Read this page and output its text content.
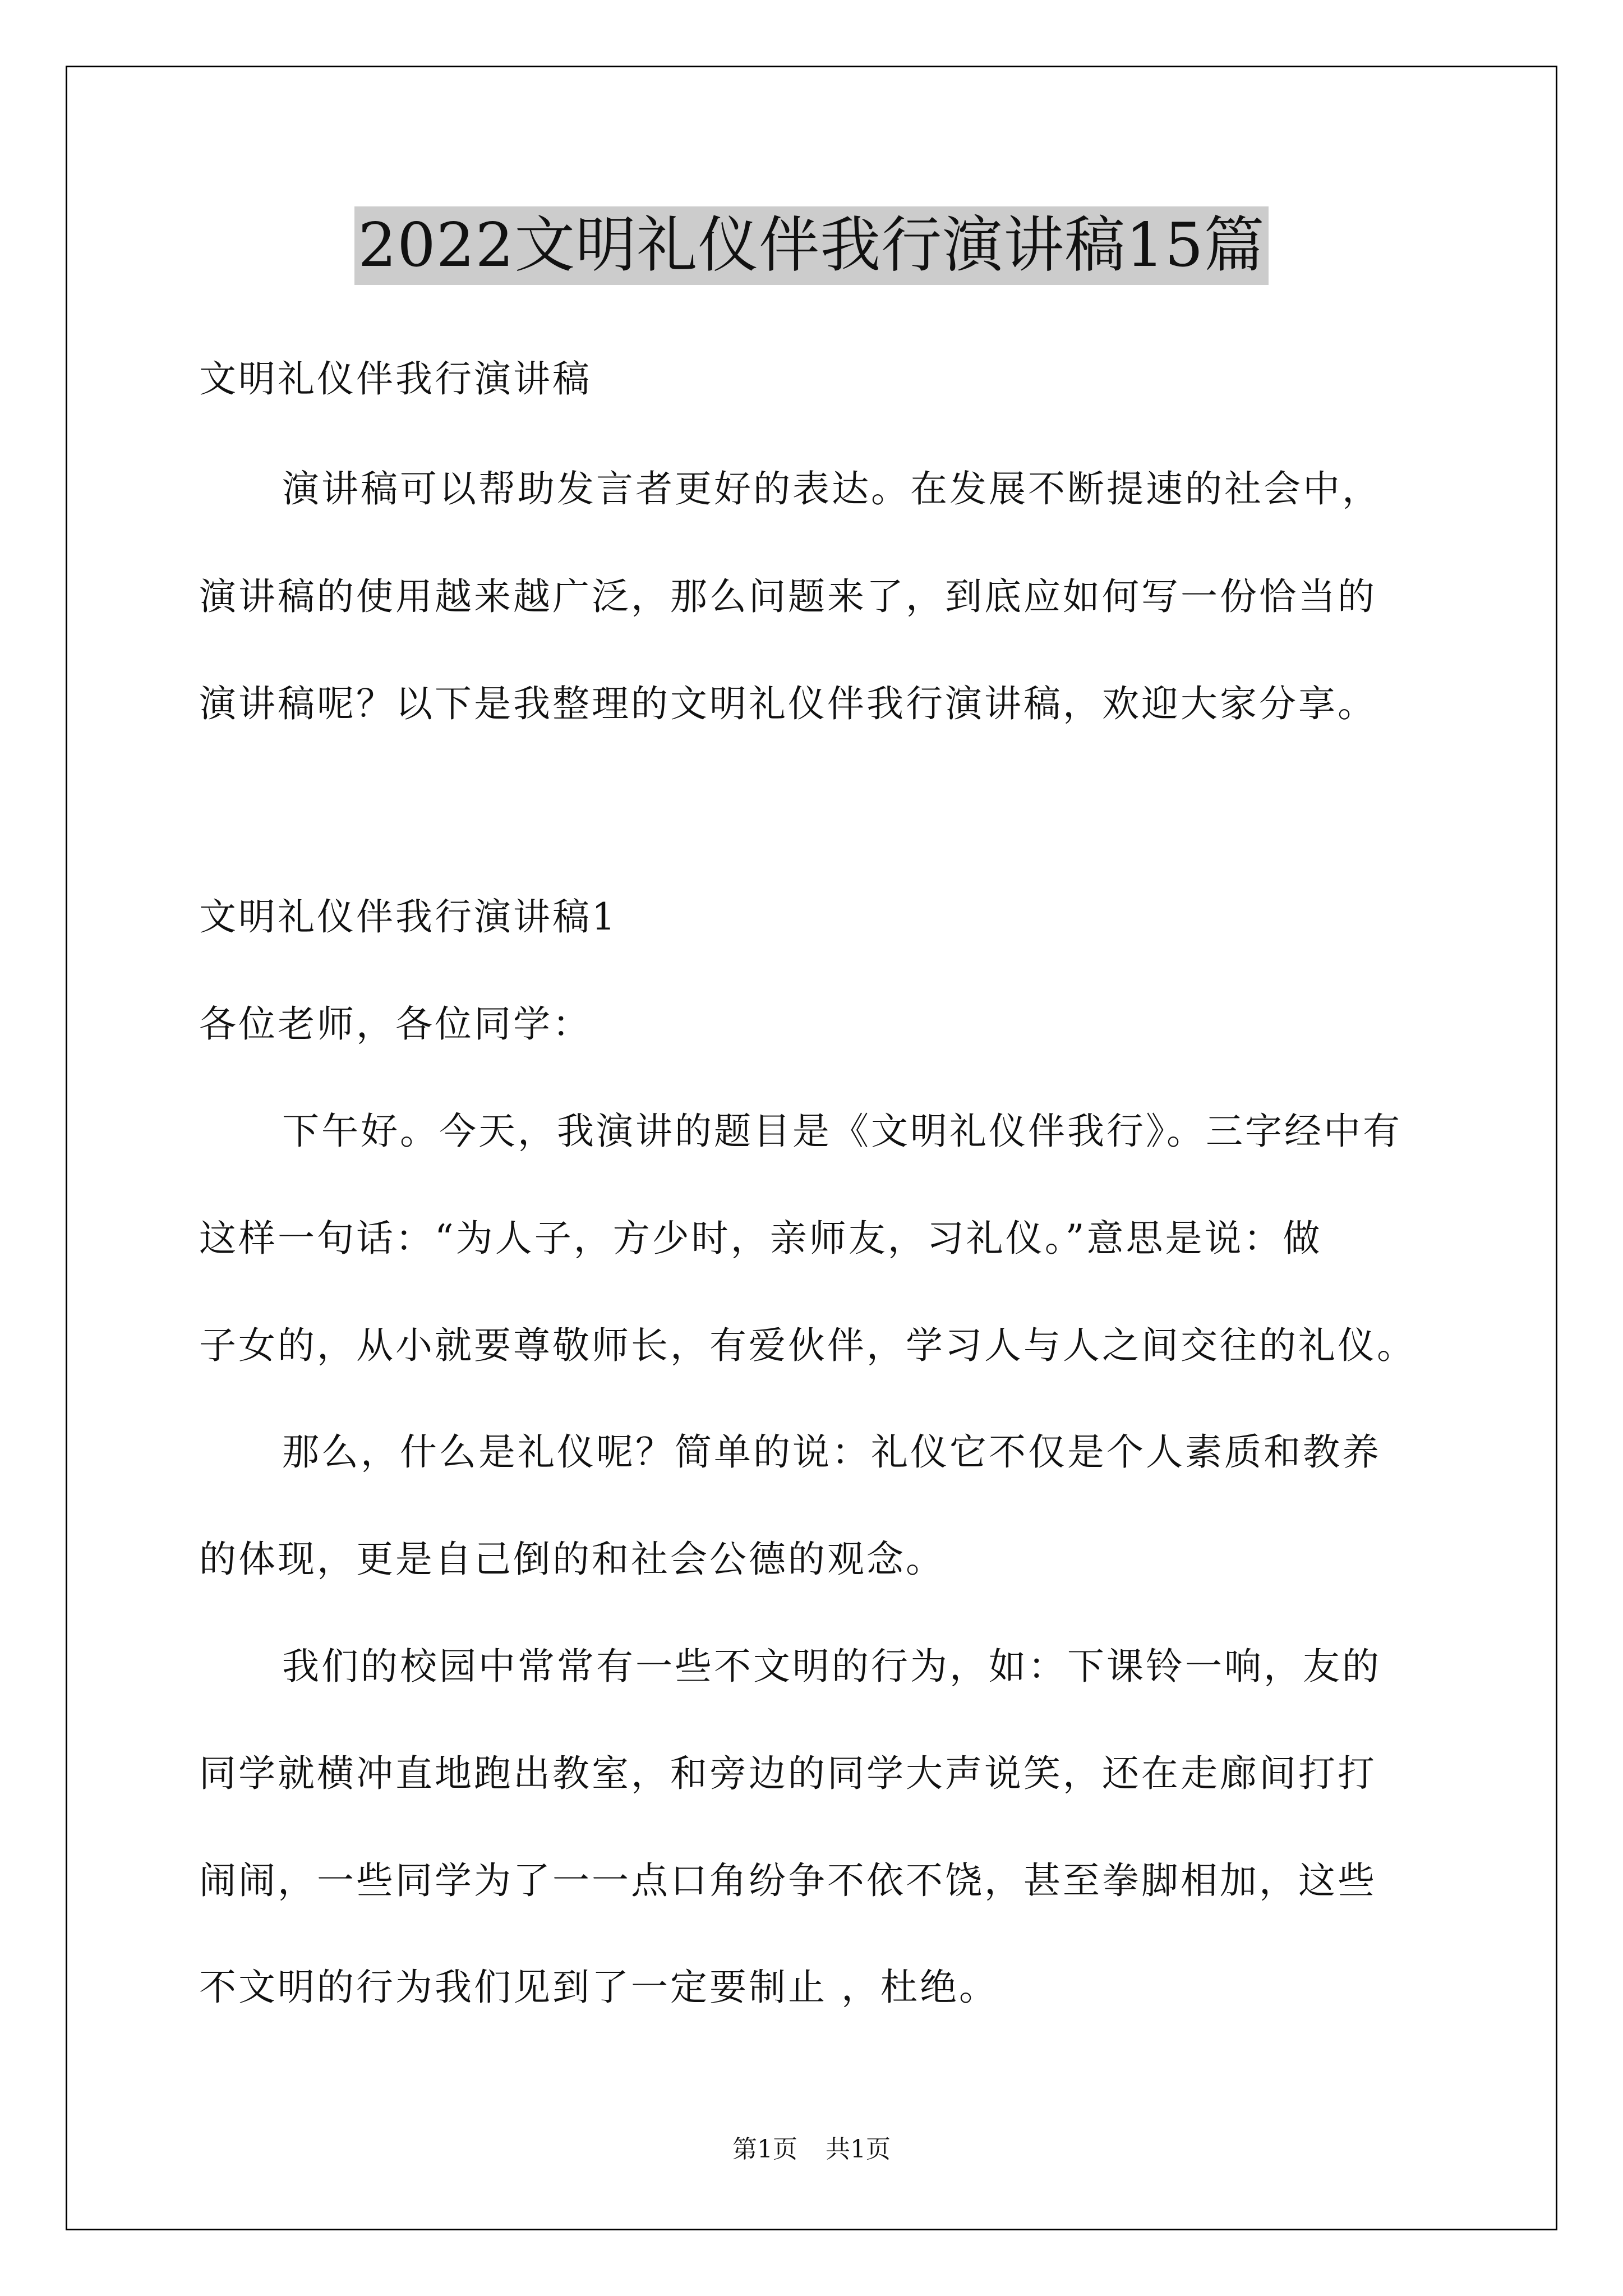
2022文明礼仪伴我行演讲稿15篇
文明礼仪伴我行演讲稿
演讲稿可以帮助发言者更好的表达。在发展不断提速的社会中，
演讲稿的使用越来越广泛，那么问题来了，到底应如何写一份恰当的
演讲稿呢？以下是我整理的文明礼仪伴我行演讲稿，欢迎大家分享。
文明礼仪伴我行演讲稿1
各位老师，各位同学：
下午好。今天，我演讲的题目是《文明礼仪伴我行》。三字经中有
这样一句话：“为人子，方少时，亲师友，习礼仪。”意思是说：做
子女的，从小就要尊敬师长，有爱伙伴，学习人与人之间交往的礼仪。
那么，什么是礼仪呢？简单的说：礼仪它不仅是个人素质和教养
的体现，更是自己倒的和社会公德的观念。
我们的校园中常常有一些不文明的行为，如：下课铃一响，友的
同学就横冲直地跑出教室，和旁边的同学大声说笑，还在走廊间打打
闹闹，一些同学为了一一点口角纷争不依不饶，甚至拳脚相加，这些
不文明的行为我们见到了一定要制止 ，杜绝。
第1页 共1页
